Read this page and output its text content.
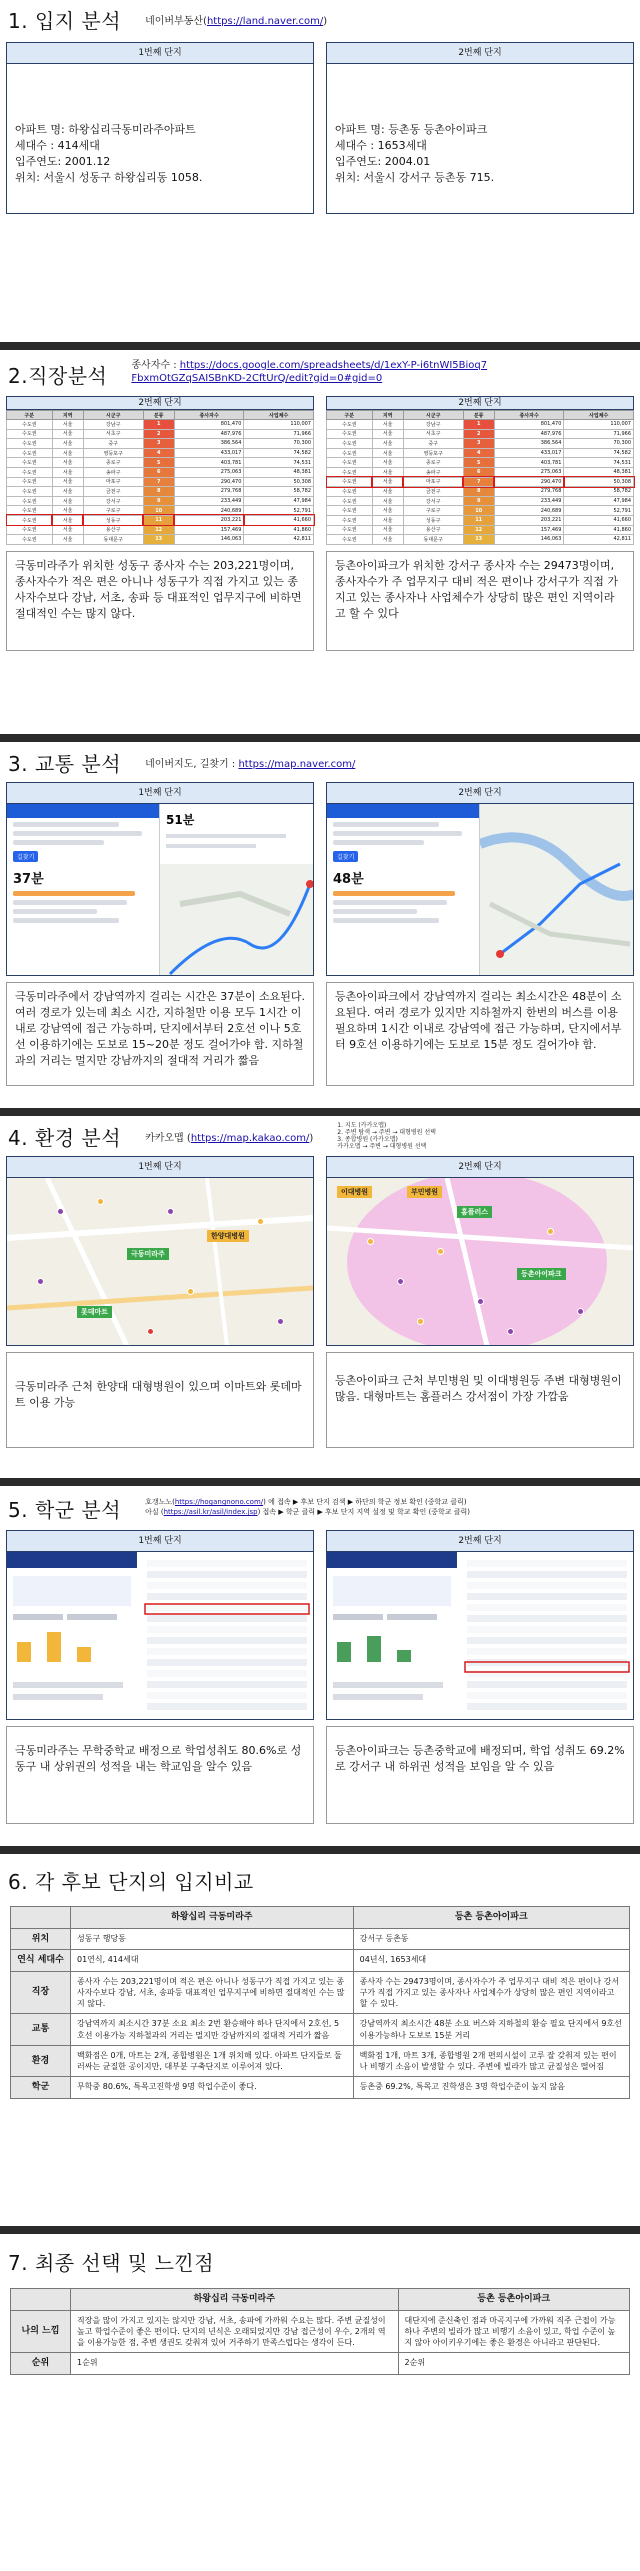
1. 입지 분석 네이버부동산(https://land.naver.com/)
1번째 단지
아파트 명: 하왕십리극동미라주아파트
세대수 : 414세대
입주연도: 2001.12
위치: 서울시 성동구 하왕십리동 1058.
2번째 단지
아파트 명: 등촌동 등촌아이파크
세대수 : 1653세대
입주연도: 2004.01
위치: 서울시 강서구 등촌동 715.
2.직장분석 종사자수 : https://docs.google.com/spreadsheets/d/1exY-P-i6tnWI5Bioq7FbxmOtGZqSAISBnKD-2CftUrQ/edit?gid=0#gid=0
2번째 단지
구분	지역	시군구	분류	종사자수	사업체수
수도권	서울	강남구	1	801,470	110,007
수도권	서울	서초구	2	487,976	71,966
수도권	서울	중구	3	386,564	70,300
수도권	서울	영등포구	4	433,017	74,582
수도권	서울	종로구	5	403,781	74,531
수도권	서울	송파구	6	275,063	48,381
수도권	서울	마포구	7	290,470	50,308
수도권	서울	금천구	8	279,768	58,782
수도권	서울	강서구	9	233,449	47,984
수도권	서울	구로구	10	240,689	52,791
수도권	서울	성동구	11	203,221	41,660
수도권	서울	용산구	12	157,469	41,860
수도권	서울	동대문구	13	146,063	42,811
극동미라주가 위치한 성동구 종사자 수는 203,221명이며, 종사자수가 적은 편은 아니나 성동구가 직접 가지고 있는 종사자수보다 강남, 서초, 송파 등 대표적인 업무지구에 비하면 절대적인 수는 많지 않다.
2번째 단지
구분	지역	시군구	분류	종사자수	사업체수
수도권	서울	강남구	1	801,470	110,007
수도권	서울	서초구	2	487,976	71,966
수도권	서울	중구	3	386,564	70,300
수도권	서울	영등포구	4	433,017	74,582
수도권	서울	종로구	5	403,781	74,531
수도권	서울	송파구	6	275,063	48,381
수도권	서울	마포구	7	290,470	50,308
수도권	서울	금천구	8	279,768	58,782
수도권	서울	강서구	9	233,449	47,984
수도권	서울	구로구	10	240,689	52,791
수도권	서울	성동구	11	203,221	41,660
수도권	서울	용산구	12	157,469	41,860
수도권	서울	동대문구	13	146,063	42,811
등촌아이파크가 위치한 강서구 종사자 수는 29473명이며, 종사자수가 주 업무지구 대비 적은 편이나 강서구가 직접 가지고 있는 종사자나 사업체수가 상당히 많은 편인 지역이라고 할 수 있다
3. 교통 분석 네이버지도, 길찾기 : https://map.naver.com/
1번째 단지
길찾기
37분
51분
극동미라주에서 강남역까지 걸리는 시간은 37분이 소요된다. 여러 경로가 있는데 최소 시간, 지하철만 이용 모두 1시간 이내로 강남역에 접근 가능하며, 단지에서부터 2호선 이나 5호선 이용하기에는 도보로 15~20분 정도 걸어가야 함. 지하철과의 거리는 멀지만 강남까지의 절대적 거리가 짧음
2번째 단지
길찾기
48분
등촌아이파크에서 강남역까지 걸리는 최소시간은 48분이 소요된다. 여러 경로가 있지만 지하철까지 한번의 버스를 이용 필요하며 1시간 이내로 강남역에 접근 가능하며, 단지에서부터 9호선 이용하기에는 도보로 15분 정도 걸어가야 함.
4. 환경 분석 카카오맵 (https://map.kakao.com/)
1. 지도 (카카오맵)
2. 주변 탐색 → 주변 → 대형병원 선택
3. 종합병원 (카카오맵)
카카오맵 → 주변 → 대형병원 선택
1번째 단지
극동미라주
한양대병원
롯데마트
극동미라주 근처 한양대 대형병원이 있으며 이마트와 롯데마트 이용 가능
2번째 단지
이대병원	부민병원
홈플러스
등촌아이파크
등촌아이파크 근처 부민병원 및 이대병원등 주변 대형병원이 많음. 대형마트는 홈플러스 강서점이 가장 가깝움
5. 학군 분석	호갱노노(https://hogangnono.com/) 에 접속 ▶ 후보 단지 검색 ▶ 하단의 학군 정보 확인 (중학교 클릭)
아실 (https://asil.kr/asil/index.jsp) 접속 ▶ 학군 클릭 ▶ 후보 단지 지역 설정 및 학교 확인 (중학교 클릭)
1번째 단지
극동미라주는 무학중학교 배정으로 학업성취도 80.6%로 성동구 내 상위권의 성적을 내는 학교임을 알수 있음
2번째 단지
등촌아이파크는 등촌중학교에 배정되며, 학업 성취도 69.2%로 강서구 내 하위권 성적을 보임을 알 수 있음
6. 각 후보 단지의 입지비교
	하왕십리 극동미라주	등촌 등촌아이파크
위치	성동구 행당동	강서구 등촌동
연식 세대수	01연식, 414세대	04년식, 1653세대
직장	종사자 수는 203,221명이며 적은 편은 아니나 성동구가 직접 가지고 있는 종사자수보다 강남, 서초, 송파등 대표적인 업무지구에 비하면 절대적인 수는 많지 않다.	종사자 수는 29473명이며, 종사자수가 주 업무지구 대비 적은 편이나 강서구가 직접 가지고 있는 종사자나 사업체수가 상당히 많은 편인 지역이라고 할 수 있다.
교통	강남역까지 최소시간 37분 소요 최소 2번 환승해야 하나 단지에서 2호선, 5호선 이용가능 지하철과의 거리는 멀지만 강남까지의 절대적 거리가 짧음	강남역까지 최소시간 48분 소요 버스와 지하철의 환승 필요 단지에서 9호선 이용가능하나 도보로 15분 거리
환경	백화점은 0개, 마트는 2개, 종합병원은 1개 위치해 있다. 아파트 단지들로 둘러싸는 균질한 공이지만, 대부분 구축단지로 이루어져 있다.	백화점 1개, 마트 3개, 종합병원 2개 편의시설이 고루 잘 갖춰져 있는 편이나 비행기 소음이 발생할 수 있다. 주변에 빌라가 많고 균질성은 떨어짐
학군	무학중 80.6%, 특목고진학생 9명 학업수준이 좋다.	등촌중 69.2%, 특목고 진학생은 3명 학업수준이 높지 않음
7. 최종 선택 및 느낀점
	하왕십리 극동미라주	등촌 등촌아이파크
나의 느낌	직장을 많이 가지고 있지는 않지만 강남, 서초, 송파에 가까워 수요는 많다. 주변 균질성이 높고 학업수준이 좋은 편이다. 단지의 년식은 오래되었지만 강남 접근성이 우수, 2개의 역을 이용가능한 점, 주변 생권도 갖춰져 있어 거주하기 만족스럽다는 생각이 든다.	대단지에 준신축인 점과 마곡지구에 가까워 직주 근접이 가능하나 주변의 빌라가 많고 비행기 소음이 있고, 학업 수준이 높지 않아 아이키우기에는 좋은 환경은 아니라고 판단된다.
순위	1순위	2순위
